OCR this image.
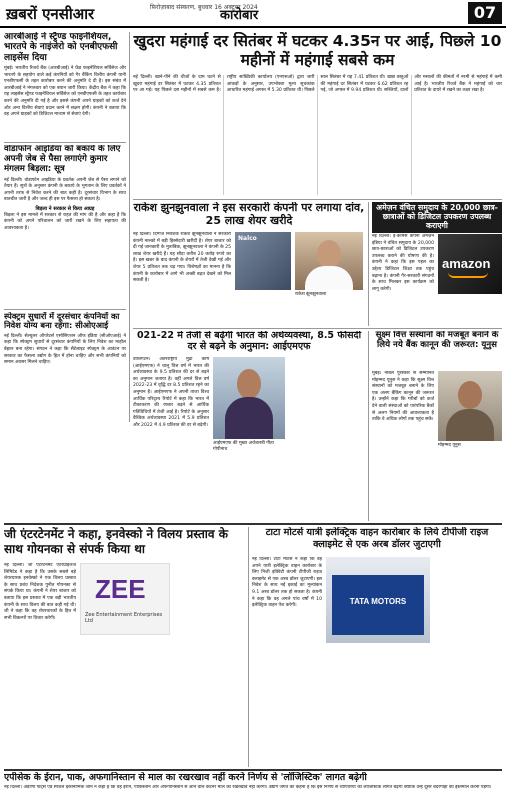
ख़बरों एनसीआर	फ़िरोज़ाबाद संस्करण, बुधवार 16 अक्टूबर 2024
कारोबार	07
आरबीआई ने स्ट्रैण्ड फाइनेंशियल, भारतपे के नाइंजेरो को एनबीएफसी लाइसेंस दिया
मुंबई। भारतीय रिजर्व बैंक (आरबीआई) ने फ्रेंड फाइनेंशियल सर्विसेज और भारतपे के सहयोग वाले कई कंपनियों को गैर बैंकिंग वित्तीय कंपनी यानी एनबीएफसी के तहत कारोबार करने की अनुमति दे दी है। इस संबंध में आरबीआई ने मंगलवार को एक बयान जारी किया। केंद्रीय बैंक ने कहा कि यह लाइसेंस स्ट्रैण्ड फाइनेंशियल सर्विसेज को एनबीएफसी के तहत कारोबार करने की अनुमति दी गई है और इससे कंपनी अपने ग्राहकों को कर्ज देने और अन्य वित्तीय सेवाएं प्रदान करने में सक्षम होगी। कंपनी ने बताया कि वह अपने ग्राहकों को डिजिटल माध्यम से सेवाएं देगी।
वोडाफोन आइडिया को बकाये के लिए अपनी जेब से पैसा लगाएंगे कुमार मंगलम बिड़ला: सूत्र
नई दिल्ली। वोडाफोन आइडिया के प्रवर्तक अपनी जेब से पैसा लगाने को तैयार हैं। सूत्रों के अनुसार कंपनी के बकाये के भुगतान के लिए प्रवर्तकों ने अपनी तरफ से निवेश करने की बात कही है। दूरसंचार विभाग के साथ बातचीत जारी है और जल्द ही इस पर फैसला हो सकता है।
बिड़ला ने सरकार से किया आग्रह
बिड़ला ने इस मामले में सरकार से राहत की मांग की है और कहा है कि कंपनी को अपने परिचालन को जारी रखने के लिए सहायता की आवश्यकता है।
स्पेक्ट्रम सुधारों में दूरसंचार कंपनियों का निवेश योग्य बना रहेगा: सीओएआई
नई दिल्ली। सेल्युलर ऑपरेटर्स एसोसिएशन ऑफ इंडिया (सीओएआई) ने कहा कि स्पेक्ट्रम सुधारों से दूरसंचार कंपनियों के लिए निवेश का माहौल बेहतर बना रहेगा। संगठन ने कहा कि सैटेलाइट स्पेक्ट्रम के आवंटन पर सरकार का फैसला उद्योग के हित में होना चाहिए और सभी कंपनियों को समान अवसर मिलने चाहिए।
खुदरा महंगाई दर सितंबर में घटकर 4.35न पर आई, पिछले 10 महीनों में महंगाई सबसे कम
नई दिल्ली। खाने-पीने की चीजों के दाम घटने से खुदरा महंगाई दर सितंबर में घटकर 4.35 प्रतिशत पर आ गई। यह पिछले दस महीनों में सबसे कम है। राष्ट्रीय सांख्यिकी कार्यालय (एनएसओ) द्वारा जारी आंकड़ों के अनुसार, उपभोक्ता मूल्य सूचकांक आधारित महंगाई अगस्त में 5.30 प्रतिशत थी। पिछले साल सितंबर में यह 7.41 प्रतिशत थी। खाद्य वस्तुओं की महंगाई दर सितंबर में घटकर 6.62 प्रतिशत रह गई, जो अगस्त में 9.94 प्रतिशत थी। सब्जियों, दालों और मसालों की कीमतों में नरमी से महंगाई में कमी आई है। भारतीय रिजर्व बैंक ने महंगाई को चार प्रतिशत के दायरे में रखने का लक्ष्य रखा है।
राकेश झुनझुनवाला ने इस सरकारी कंपनी पर लगाया दांव, 25 लाख शेयर खरीदे
नई दिल्ली। दिग्गज निवेशक राकेश झुनझुनवाला ने सरकारी कंपनी नाल्को में बड़ी हिस्सेदारी खरीदी है। शेयर बाजार को दी गई जानकारी के मुताबिक, झुनझुनवाला ने कंपनी के 25 लाख शेयर खरीदे हैं। यह सौदा करीब 20 करोड़ रुपये का है। इस खबर के बाद कंपनी के शेयरों में तेजी देखी गई और शेयर 5 प्रतिशत तक चढ़ गया। विशेषज्ञों का मानना है कि कंपनी के कारोबार में आगे भी अच्छी बढ़त देखने को मिल सकती है।
Nalco
राकेश झुनझुनवाला
अमेज़न वंचित समुदाय के 20,000 छात्र-छात्राओं को डिजिटल उपकरण उपलब्ध कराएगी
नई दिल्ली। ई-कॉमर्स कंपनी अमेज़न इंडिया ने वंचित समुदाय के 20,000 छात्र-छात्राओं को डिजिटल उपकरण उपलब्ध कराने की घोषणा की है। कंपनी ने कहा कि इस पहल का उद्देश्य डिजिटल शिक्षा तक पहुंच बढ़ाना है। कंपनी गैर-सरकारी संगठनों के साथ मिलकर इस कार्यक्रम को लागू करेगी।
amazon
021-22 में तेजी से बढ़ेगी भारत की अर्थव्यवस्था, 8.5 फीसदी दर से बढ़ने के अनुमान: आईएमएफ
वाशिंगटन। अंतरराष्ट्रीय मुद्रा कोष (आईएमएफ) ने चालू वित्त वर्ष में भारत की अर्थव्यवस्था के 9.5 प्रतिशत की दर से बढ़ने का अनुमान जताया है। वहीं अगले वित्त वर्ष 2022-23 में वृद्धि दर 8.5 प्रतिशत रहने का अनुमान है। आईएमएफ ने अपनी ताजा विश्व आर्थिक परिदृश्य रिपोर्ट में कहा कि भारत में टीकाकरण की रफ्तार बढ़ने से आर्थिक गतिविधियों में तेजी आई है। रिपोर्ट के अनुसार वैश्विक अर्थव्यवस्था 2021 में 5.9 प्रतिशत और 2022 में 4.9 प्रतिशत की दर से बढ़ेगी।
आईएमएफ की मुख्य अर्थशास्त्री गीता गोपीनाथ
सूक्ष्म वित्त संस्थानों को मजबूत बनाने के लिये नये बैंक कानून की जरूरत: यूनुस
मुंबई। नोबेल पुरस्कार से सम्मानित मोहम्मद यूनुस ने कहा कि सूक्ष्म वित्त संस्थानों को मजबूत बनाने के लिए एक अलग बैंकिंग कानून की जरूरत है। उन्होंने कहा कि गरीबों को कर्ज देने वाली संस्थाओं को पारंपरिक बैंकों से अलग नियमों की आवश्यकता है ताकि वे अधिक लोगों तक पहुंच सकें।
मोहम्मद यूनुस
जी एंटरटेनमेंट ने कहा, इनवेस्को ने विलय प्रस्ताव के साथ गोयनका से संपर्क किया था
नई दिल्ली। जी एंटरटेनमेंट एंटरप्राइजेज लिमिटेड ने कहा है कि उसके सबसे बड़े शेयरधारक इनवेस्को ने एक विलय प्रस्ताव के साथ प्रबंध निदेशक पुनीत गोयनका से संपर्क किया था। कंपनी ने शेयर बाजार को बताया कि इस प्रस्ताव में एक बड़ी भारतीय कंपनी के साथ विलय की बात कही गई थी। जी ने कहा कि वह शेयरधारकों के हित में सभी विकल्पों पर विचार करेगी।
ZEE
Zee Entertainment Enterprises Ltd
टाटा मोटर्स यात्री इलेक्ट्रिक वाहन कारोबार के लिये टीपीजी राइज क्लाइमेट से एक अरब डॉलर जुटाएगी
नई दिल्ली। टाटा मोटर्स ने कहा कि वह अपने यात्री इलेक्ट्रिक वाहन कारोबार के लिए निजी इक्विटी कंपनी टीपीजी राइज क्लाइमेट से एक अरब डॉलर जुटाएगी। इस निवेश के साथ नई इकाई का मूल्यांकन 9.1 अरब डॉलर तक हो सकता है। कंपनी ने कहा कि वह अगले पांच वर्षों में 10 इलेक्ट्रिक वाहन पेश करेगी।	TATA MOTORS
एपीसेक के ईरान, पाक, अफगानिस्तान से माल का रखरखाव नहीं करने निर्णय से 'लॉजिस्टिक' लागत बढ़ेगी
नई दिल्ली। अडाणी पोर्ट्स एंड स्पेशल इकोनॉमिक जोन ने कहा है कि वह ईरान, पाकिस्तान और अफगानिस्तान से आने वाले कंटेनर माल का रखरखाव नहीं करेगी। उद्योग जगत का कहना है कि इस निर्णय से व्यापारियों की लॉजिस्टिक लागत बढ़ेगी क्योंकि उन्हें दूसरे बंदरगाहों का इस्तेमाल करना पड़ेगा।
